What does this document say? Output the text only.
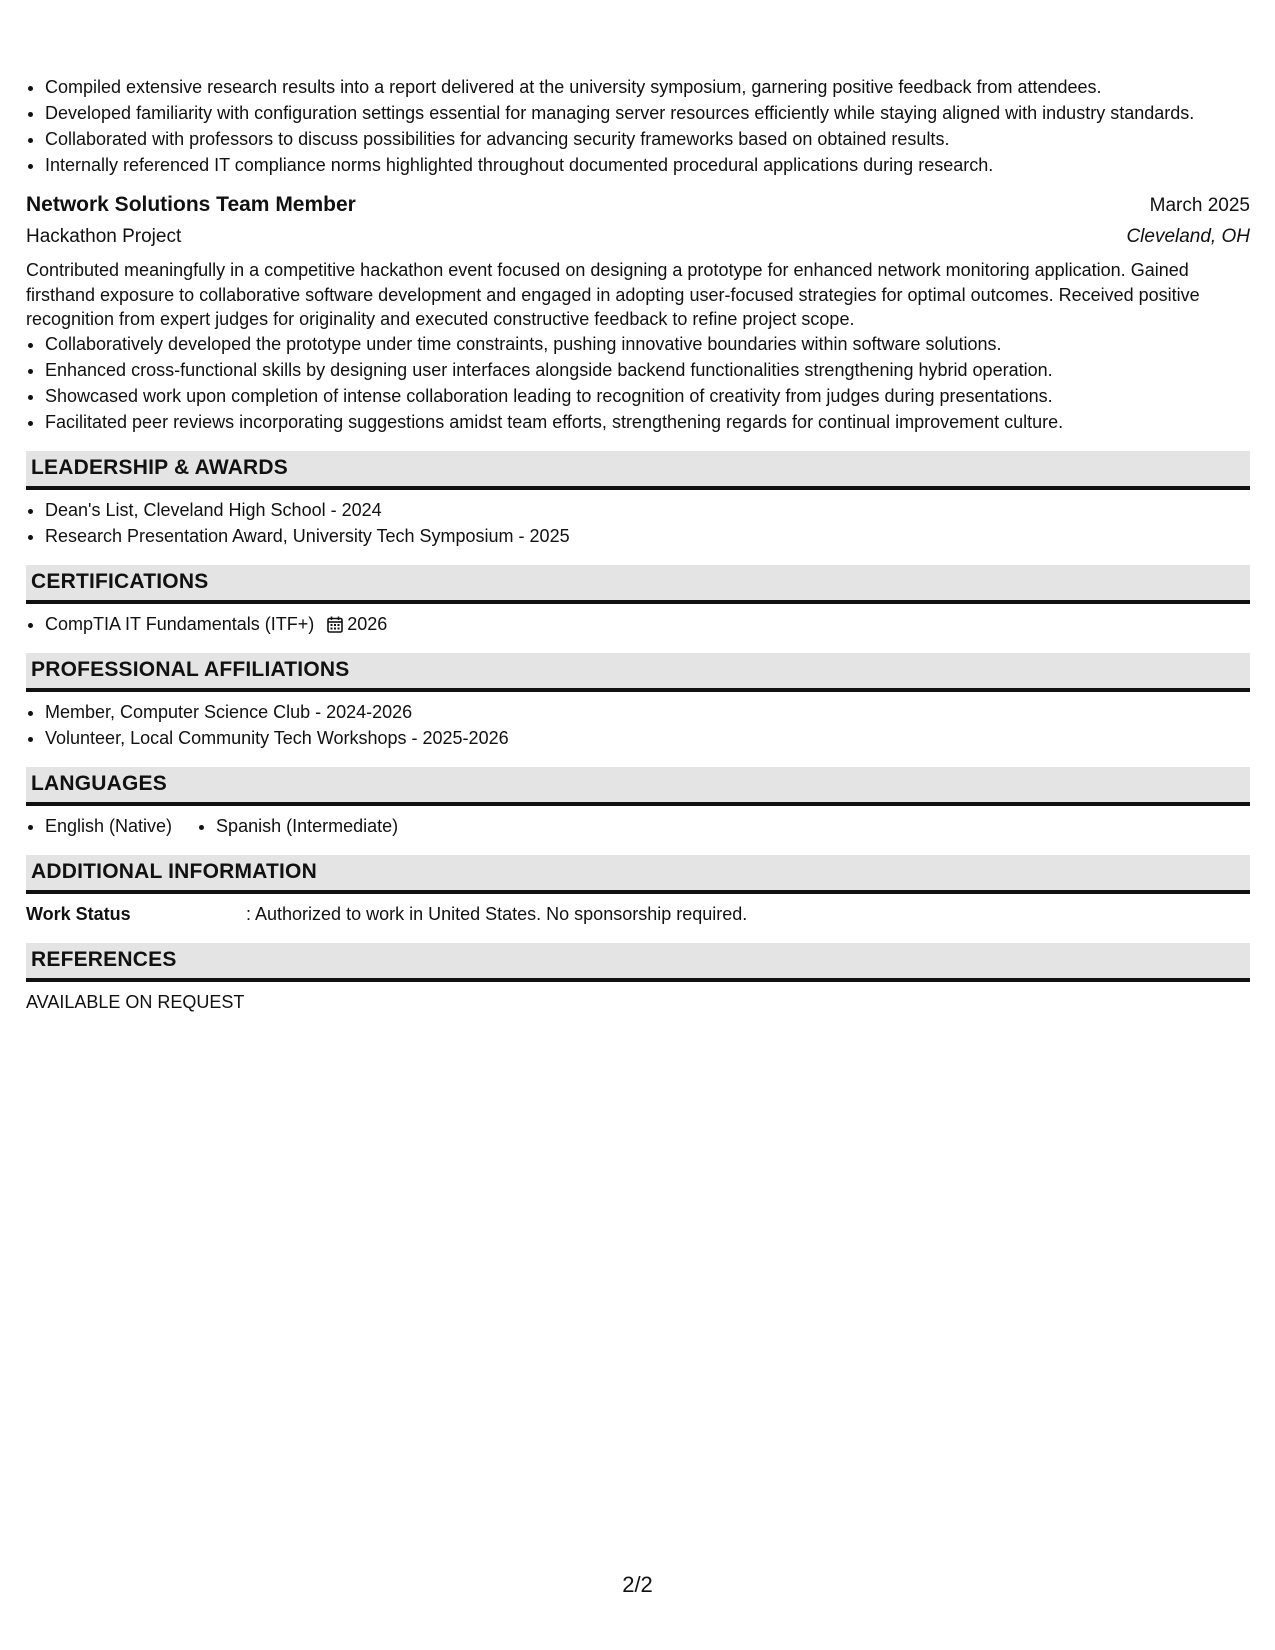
• Compiled extensive research results into a report delivered at the university symposium, garnering positive feedback from attendees.
• Developed familiarity with configuration settings essential for managing server resources efficiently while staying aligned with industry standards.
• Collaborated with professors to discuss possibilities for advancing security frameworks based on obtained results.
• Internally referenced IT compliance norms highlighted throughout documented procedural applications during research.
Network Solutions Team Member	March 2025
Hackathon Project	Cleveland, OH
Contributed meaningfully in a competitive hackathon event focused on designing a prototype for enhanced network monitoring application. Gained firsthand exposure to collaborative software development and engaged in adopting user-focused strategies for optimal outcomes. Received positive recognition from expert judges for originality and executed constructive feedback to refine project scope.
• Collaboratively developed the prototype under time constraints, pushing innovative boundaries within software solutions.
• Enhanced cross-functional skills by designing user interfaces alongside backend functionalities strengthening hybrid operation.
• Showcased work upon completion of intense collaboration leading to recognition of creativity from judges during presentations.
• Facilitated peer reviews incorporating suggestions amidst team efforts, strengthening regards for continual improvement culture.
LEADERSHIP & AWARDS
• Dean's List, Cleveland High School - 2024
• Research Presentation Award, University Tech Symposium - 2025
CERTIFICATIONS
• CompTIA IT Fundamentals (ITF+) 2026
PROFESSIONAL AFFILIATIONS
• Member, Computer Science Club - 2024-2026
• Volunteer, Local Community Tech Workshops - 2025-2026
LANGUAGES
• English (Native)
• Spanish (Intermediate)
ADDITIONAL INFORMATION
Work Status	: Authorized to work in United States. No sponsorship required.
REFERENCES
AVAILABLE ON REQUEST
2/2
